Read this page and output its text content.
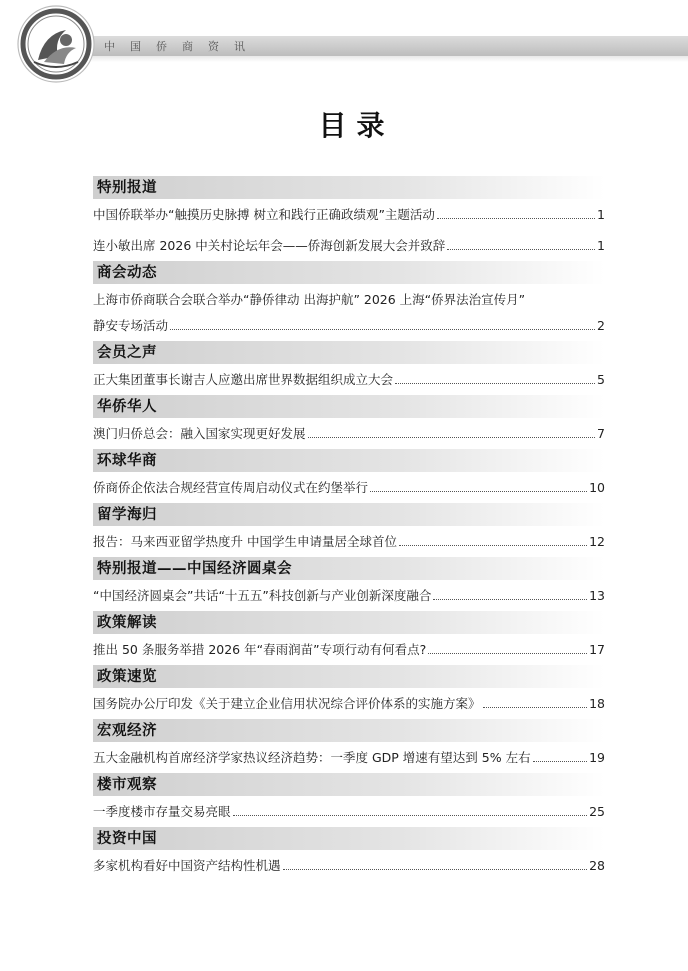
中国侨商资讯
目录
特别报道
中国侨联举办“触摸历史脉搏 树立和践行正确政绩观”主题活动	1
连小敏出席 2026 中关村论坛年会——侨海创新发展大会并致辞	1
商会动态
上海市侨商联合会联合举办“静侨律动 出海护航” 2026 上海“侨界法治宣传月”
静安专场活动	2
会员之声
正大集团董事长谢吉人应邀出席世界数据组织成立大会	5
华侨华人
澳门归侨总会：融入国家实现更好发展	7
环球华商
侨商侨企依法合规经营宣传周启动仪式在约堡举行	10
留学海归
报告：马来西亚留学热度升 中国学生申请量居全球首位	12
特别报道——中国经济圆桌会
“中国经济圆桌会”共话“十五五”科技创新与产业创新深度融合	13
政策解读
推出 50 条服务举措 2026 年“春雨润苗”专项行动有何看点?	17
政策速览
国务院办公厅印发《关于建立企业信用状况综合评价体系的实施方案》	18
宏观经济
五大金融机构首席经济学家热议经济趋势：一季度 GDP 增速有望达到 5% 左右	19
楼市观察
一季度楼市存量交易亮眼	25
投资中国
多家机构看好中国资产结构性机遇	28
